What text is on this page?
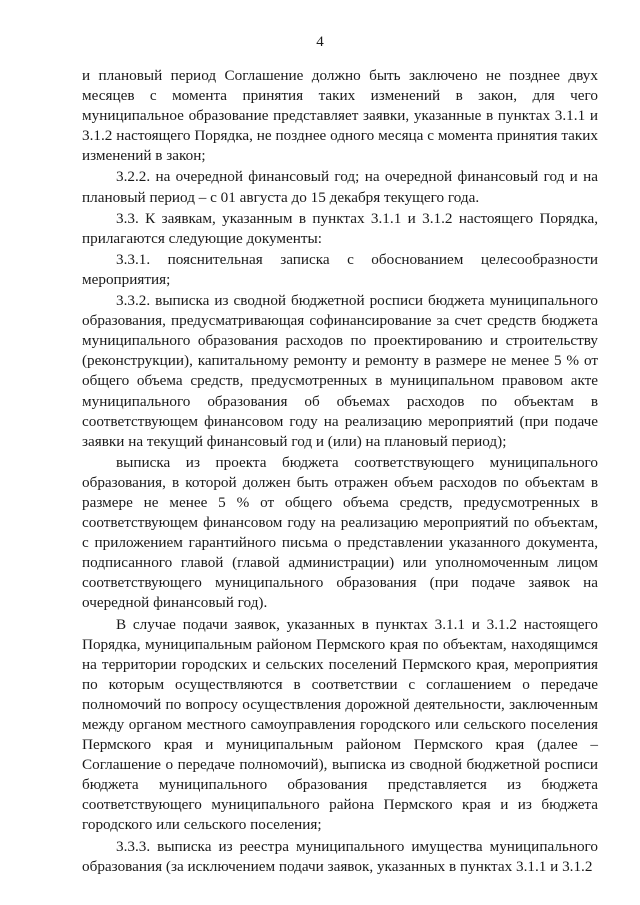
4

и плановый период Соглашение должно быть заключено не позднее двух месяцев с момента принятия таких изменений в закон, для чего муниципальное образование представляет заявки, указанные в пунктах 3.1.1 и 3.1.2 настоящего Порядка, не позднее одного месяца с момента принятия таких изменений в закон;

3.2.2. на очередной финансовый год; на очередной финансовый год и на плановый период – с 01 августа до 15 декабря текущего года.

3.3. К заявкам, указанным в пунктах 3.1.1 и 3.1.2 настоящего Порядка, прилагаются следующие документы:

3.3.1. пояснительная записка с обоснованием целесообразности мероприятия;

3.3.2. выписка из сводной бюджетной росписи бюджета муниципального образования, предусматривающая софинансирование за счет средств бюджета муниципального образования расходов по проектированию и строительству (реконструкции), капитальному ремонту и ремонту в размере не менее 5 % от общего объема средств, предусмотренных в муниципальном правовом акте муниципального образования об объемах расходов по объектам в соответствующем финансовом году на реализацию мероприятий (при подаче заявки на текущий финансовый год и (или) на плановый период);

выписка из проекта бюджета соответствующего муниципального образования, в которой должен быть отражен объем расходов по объектам в размере не менее 5 % от общего объема средств, предусмотренных в соответствующем финансовом году на реализацию мероприятий по объектам, с приложением гарантийного письма о представлении указанного документа, подписанного главой (главой администрации) или уполномоченным лицом соответствующего муниципального образования (при подаче заявок на очередной финансовый год).

В случае подачи заявок, указанных в пунктах 3.1.1 и 3.1.2 настоящего Порядка, муниципальным районом Пермского края по объектам, находящимся на территории городских и сельских поселений Пермского края, мероприятия по которым осуществляются в соответствии с соглашением о передаче полномочий по вопросу осуществления дорожной деятельности, заключенным между органом местного самоуправления городского или сельского поселения Пермского края и муниципальным районом Пермского края (далее – Соглашение о передаче полномочий), выписка из сводной бюджетной росписи бюджета муниципального образования представляется из бюджета соответствующего муниципального района Пермского края и из бюджета городского или сельского поселения;

3.3.3. выписка из реестра муниципального имущества муниципального образования (за исключением подачи заявок, указанных в пунктах 3.1.1 и 3.1.2
